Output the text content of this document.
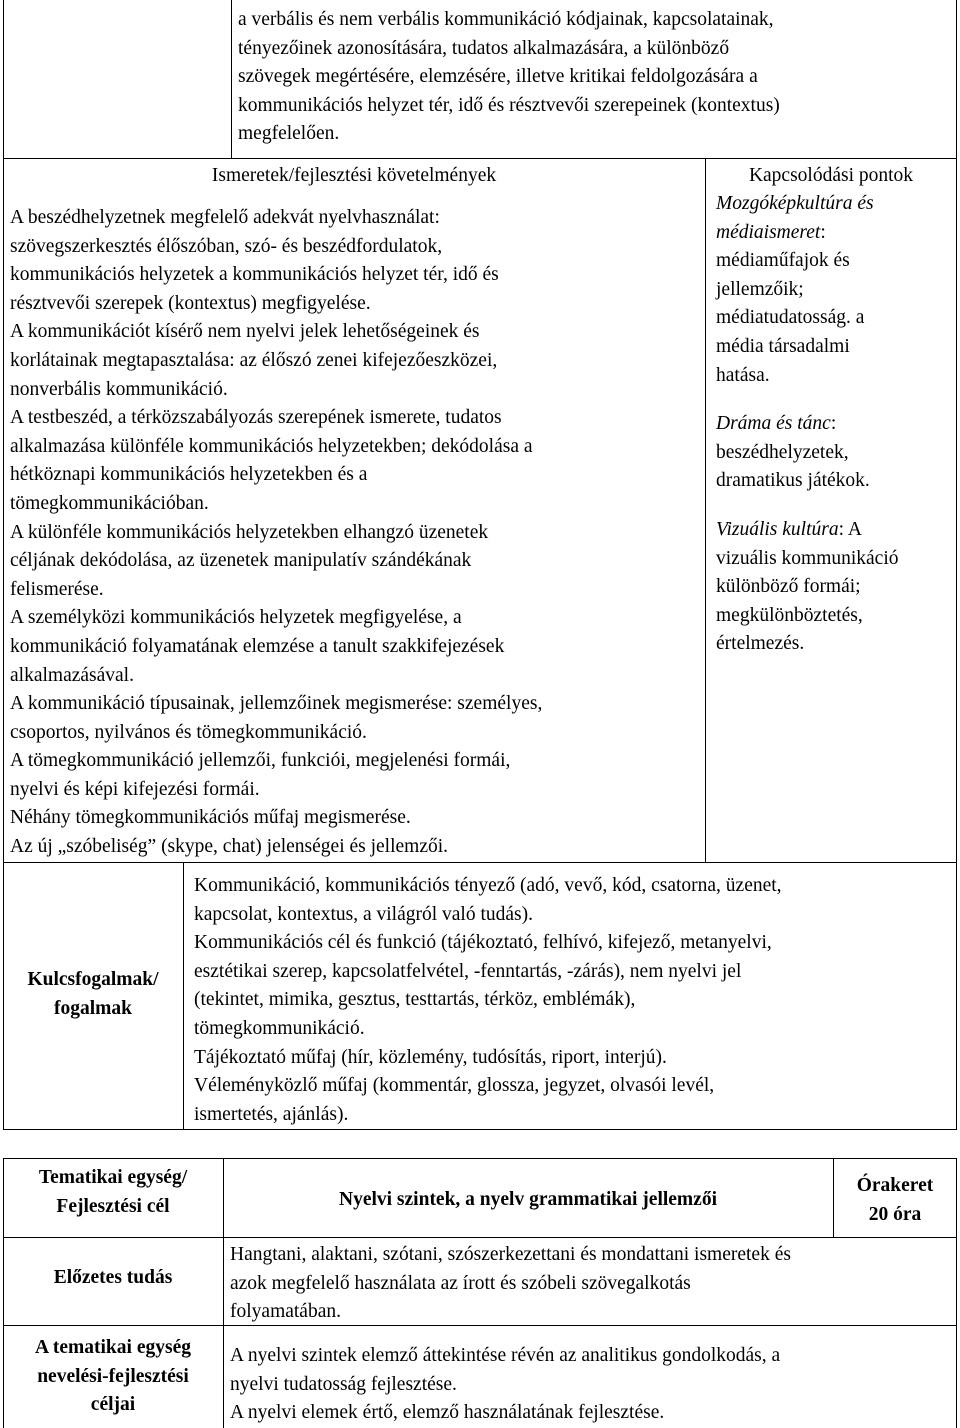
a verbális és nem verbális kommunikáció kódjainak, kapcsolatainak,

tényezőinek azonosítására, tudatos alkalmazására, a különböző

szövegek megértésére, elemzésére, illetve kritikai feldolgozására a

kommunikációs helyzet tér, idő és résztvevői szerepeinek (kontextus)

megfelelően.

Ismeretek/fejlesztési követelmények	Kapcsolódási pontok

A beszédhelyzetnek megfelelő adekvát nyelvhasználat:

szövegszerkesztés élőszóban, szó- és beszédfordulatok,

kommunikációs helyzetek a kommunikációs helyzet tér, idő és

résztvevői szerepek (kontextus) megfigyelése.

A kommunikációt kísérő nem nyelvi jelek lehetőségeinek és

korlátainak megtapasztalása: az élőszó zenei kifejezőeszközei,

nonverbális kommunikáció.

A testbeszéd, a térközszabályozás szerepének ismerete, tudatos

alkalmazása különféle kommunikációs helyzetekben; dekódolása a

hétköznapi kommunikációs helyzetekben és a

tömegkommunikációban.

A különféle kommunikációs helyzetekben elhangzó üzenetek

céljának dekódolása, az üzenetek manipulatív szándékának

felismerése.

A személyközi kommunikációs helyzetek megfigyelése, a

kommunikáció folyamatának elemzése a tanult szakkifejezések

alkalmazásával.

A kommunikáció típusainak, jellemzőinek megismerése: személyes,

csoportos, nyilvános és tömegkommunikáció.

A tömegkommunikáció jellemzői, funkciói, megjelenési formái,

nyelvi és képi kifejezési formái.

Néhány tömegkommunikációs műfaj megismerése.

Az új „szóbeliség” (skype, chat) jelenségei és jellemzői.

Mozgóképkultúra és

médiaismeret:

médiaműfajok és

jellemzőik;

médiatudatosság. a

média társadalmi

hatása.

Dráma és tánc:

beszédhelyzetek,

dramatikus játékok.

Vizuális kultúra: A

vizuális kommunikáció

különböző formái;

megkülönböztetés,

értelmezés.

Kulcsfogalmak/

fogalmak

Kommunikáció, kommunikációs tényező (adó, vevő, kód, csatorna, üzenet,

kapcsolat, kontextus, a világról való tudás).

Kommunikációs cél és funkció (tájékoztató, felhívó, kifejező, metanyelvi,

esztétikai szerep, kapcsolatfelvétel, -fenntartás, -zárás), nem nyelvi jel

(tekintet, mimika, gesztus, testtartás, térköz, emblémák),

tömegkommunikáció.

Tájékoztató műfaj (hír, közlemény, tudósítás, riport, interjú).

Véleményközlő műfaj (kommentár, glossza, jegyzet, olvasói levél,

ismertetés, ajánlás).

Tematikai egység/

Fejlesztési cél	Nyelvi szintek, a nyelv grammatikai jellemzői

Órakeret

20 óra

Előzetes tudás

Hangtani, alaktani, szótani, szószerkezettani és mondattani ismeretek és

azok megfelelő használata az írott és szóbeli szövegalkotás

folyamatában.

A tematikai egység

nevelési-fejlesztési

céljai

A nyelvi szintek elemző áttekintése révén az analitikus gondolkodás, a

nyelvi tudatosság fejlesztése.

A nyelvi elemek értő, elemző használatának fejlesztése.
